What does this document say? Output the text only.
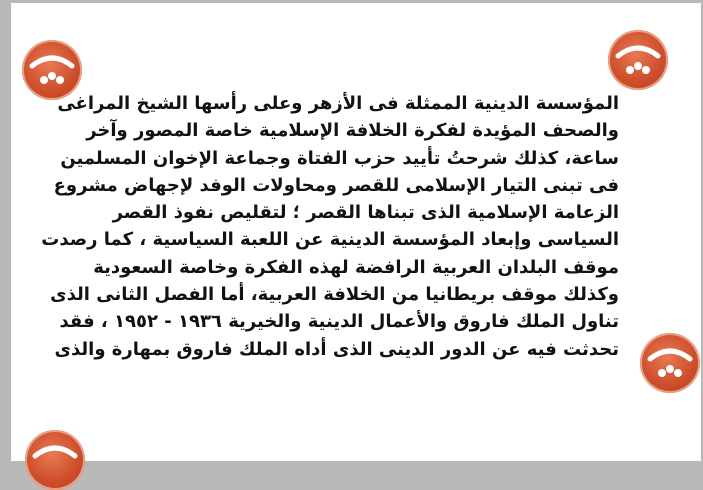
المؤسسة الدينية الممثلة فى الأزهر وعلى رأسها الشيخ المراغى
والصحف المؤيدة لفكرة الخلافة الإسلامية خاصة المصور وآخر
ساعة، كذلك شرحتُ تأييد حزب الفتاة وجماعة الإخوان المسلمين
فى تبنى التيار الإسلامى للقصر ومحاولات الوفد لإجهاض مشروع
الزعامة الإسلامية الذى تبناها القصر ؛ لتقليص نفوذ القصر
السياسى وإبعاد المؤسسة الدينية عن اللعبة السياسية ، كما رصدت
موقف البلدان العربية الرافضة لهذه الفكرة وخاصة السعودية
وكذلك موقف بريطانيا من الخلافة العربية، أما الفصل الثانى الذى
تناول الملك فاروق والأعمال الدينية والخيرية ١٩٣٦ - ١٩٥٢ ، فقد
تحدثت فيه عن الدور الدينى الذى أداه الملك فاروق بمهارة والذى
